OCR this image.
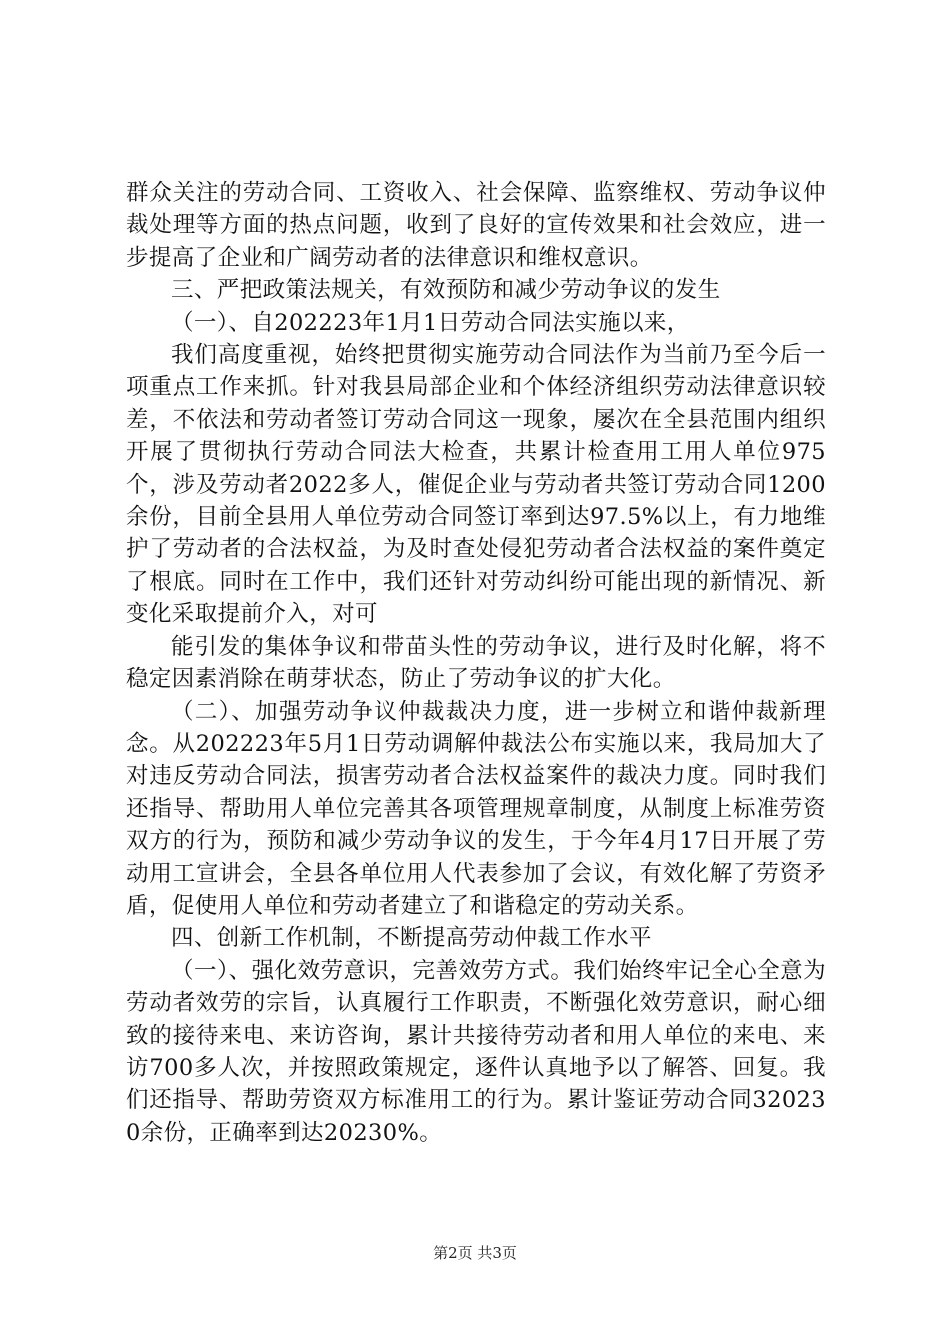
群众关注的劳动合同、工资收入、社会保障、监察维权、劳动争议仲裁处理等方面的热点问题，收到了良好的宣传效果和社会效应，进一步提高了企业和广阔劳动者的法律意识和维权意识。

三、严把政策法规关，有效预防和减少劳动争议的发生

（一）、自202223年1月1日劳动合同法实施以来，

我们高度重视，始终把贯彻实施劳动合同法作为当前乃至今后一项重点工作来抓。针对我县局部企业和个体经济组织劳动法律意识较差，不依法和劳动者签订劳动合同这一现象，屡次在全县范围内组织开展了贯彻执行劳动合同法大检查，共累计检查用工用人单位975个，涉及劳动者2022多人，催促企业与劳动者共签订劳动合同1200余份，目前全县用人单位劳动合同签订率到达97.5%以上，有力地维护了劳动者的合法权益，为及时查处侵犯劳动者合法权益的案件奠定了根底。同时在工作中，我们还针对劳动纠纷可能出现的新情况、新变化采取提前介入，对可

能引发的集体争议和带苗头性的劳动争议，进行及时化解，将不稳定因素消除在萌芽状态，防止了劳动争议的扩大化。

（二）、加强劳动争议仲裁裁决力度，进一步树立和谐仲裁新理念。从202223年5月1日劳动调解仲裁法公布实施以来，我局加大了对违反劳动合同法，损害劳动者合法权益案件的裁决力度。同时我们还指导、帮助用人单位完善其各项管理规章制度，从制度上标准劳资双方的行为，预防和减少劳动争议的发生，于今年4月17日开展了劳动用工宣讲会，全县各单位用人代表参加了会议，有效化解了劳资矛盾，促使用人单位和劳动者建立了和谐稳定的劳动关系。

四、创新工作机制，不断提高劳动仲裁工作水平

（一）、强化效劳意识，完善效劳方式。我们始终牢记全心全意为劳动者效劳的宗旨，认真履行工作职责，不断强化效劳意识，耐心细致的接待来电、来访咨询，累计共接待劳动者和用人单位的来电、来访700多人次，并按照政策规定，逐件认真地予以了解答、回复。我们还指导、帮助劳资双方标准用工的行为。累计鉴证劳动合同320230余份，正确率到达20230%。

第2页 共3页
